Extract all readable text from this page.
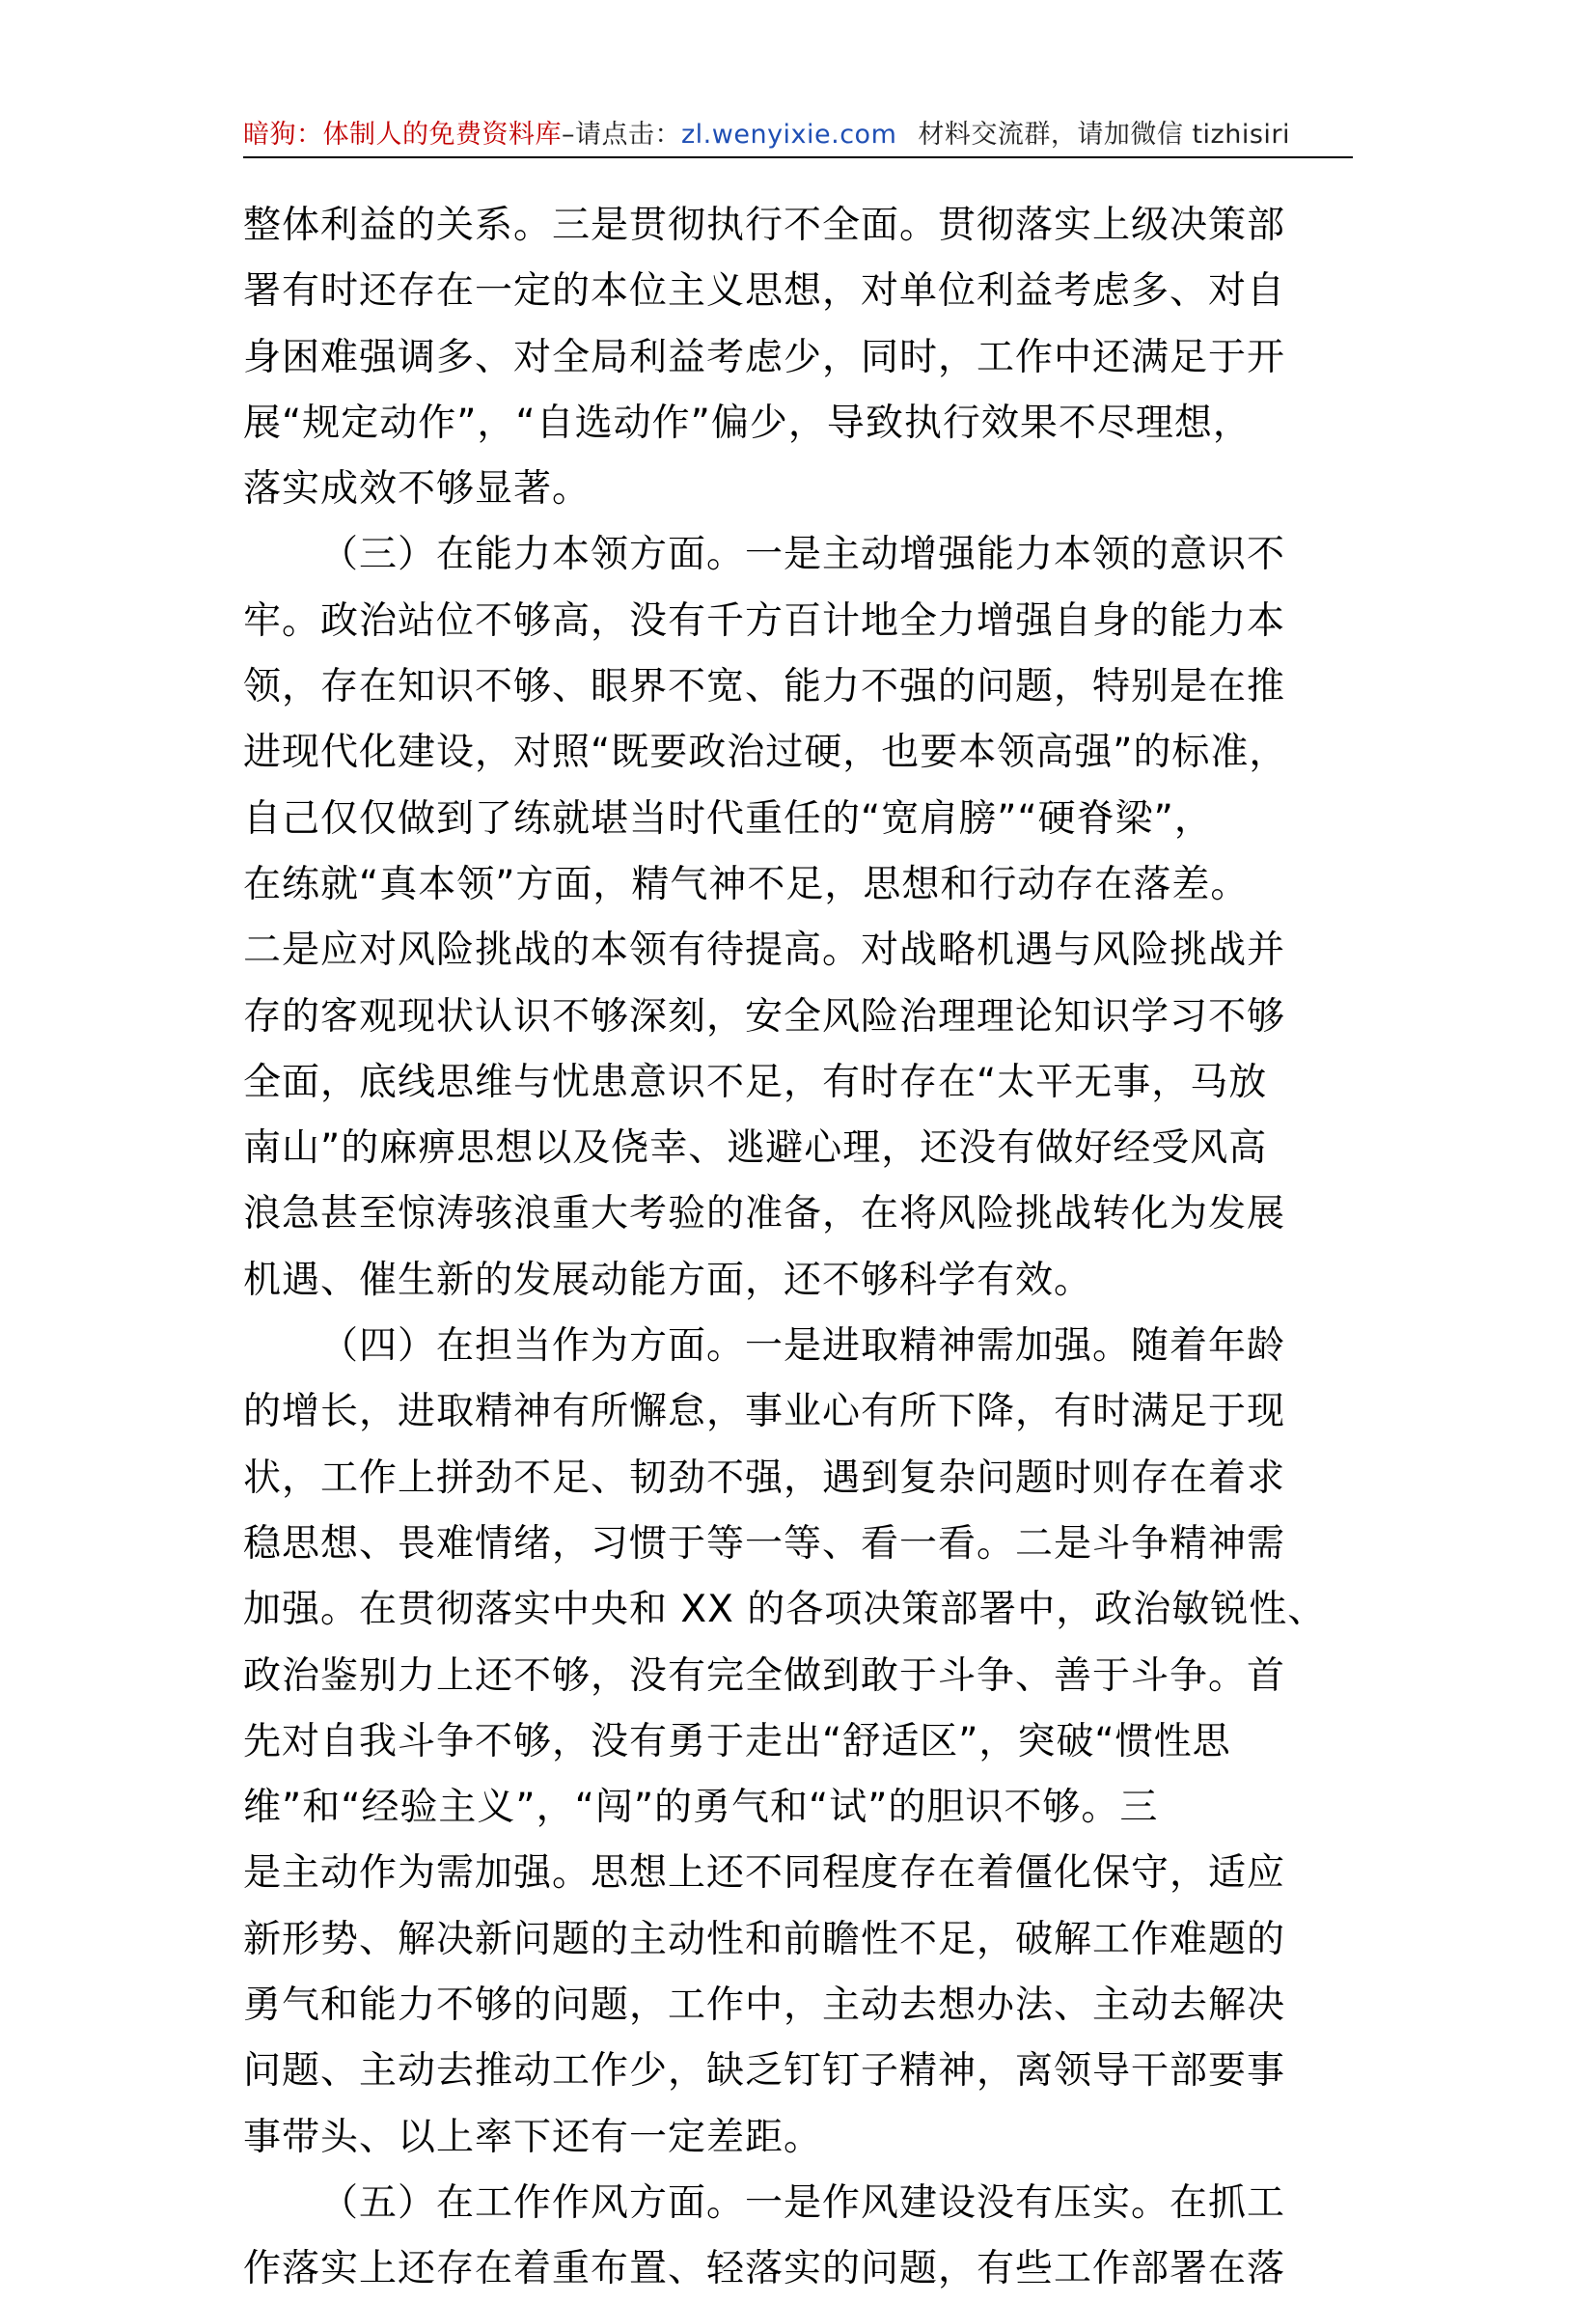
暗狗：体制人的免费资料库–请点击：zl.wenyixie.com 材料交流群，请加微信 tizhisiri
整体利益的关系。三是贯彻执行不全面。贯彻落实上级决策部
署有时还存在一定的本位主义思想，对单位利益考虑多、对自
身困难强调多、对全局利益考虑少，同时，工作中还满足于开
展“规定动作”，“自选动作”偏少，导致执行效果不尽理想，
落实成效不够显著。
（三）在能力本领方面。一是主动增强能力本领的意识不
牢。政治站位不够高，没有千方百计地全力增强自身的能力本
领，存在知识不够、眼界不宽、能力不强的问题，特别是在推
进现代化建设，对照“既要政治过硬，也要本领高强”的标准，
自己仅仅做到了练就堪当时代重任的“宽肩膀”“硬脊梁”，
在练就“真本领”方面，精气神不足，思想和行动存在落差。
二是应对风险挑战的本领有待提高。对战略机遇与风险挑战并
存的客观现状认识不够深刻，安全风险治理理论知识学习不够
全面，底线思维与忧患意识不足，有时存在“太平无事，马放
南山”的麻痹思想以及侥幸、逃避心理，还没有做好经受风高
浪急甚至惊涛骇浪重大考验的准备，在将风险挑战转化为发展
机遇、催生新的发展动能方面，还不够科学有效。
（四）在担当作为方面。一是进取精神需加强。随着年龄
的增长，进取精神有所懈怠，事业心有所下降，有时满足于现
状，工作上拼劲不足、韧劲不强，遇到复杂问题时则存在着求
稳思想、畏难情绪，习惯于等一等、看一看。二是斗争精神需
加强。在贯彻落实中央和 XX 的各项决策部署中，政治敏锐性、
政治鉴别力上还不够，没有完全做到敢于斗争、善于斗争。首
先对自我斗争不够，没有勇于走出“舒适区”，突破“惯性思
维”和“经验主义”，“闯”的勇气和“试”的胆识不够。三
是主动作为需加强。思想上还不同程度存在着僵化保守，适应
新形势、解决新问题的主动性和前瞻性不足，破解工作难题的
勇气和能力不够的问题，工作中，主动去想办法、主动去解决
问题、主动去推动工作少，缺乏钉钉子精神，离领导干部要事
事带头、以上率下还有一定差距。
（五）在工作作风方面。一是作风建设没有压实。在抓工
作落实上还存在着重布置、轻落实的问题，有些工作部署在落
